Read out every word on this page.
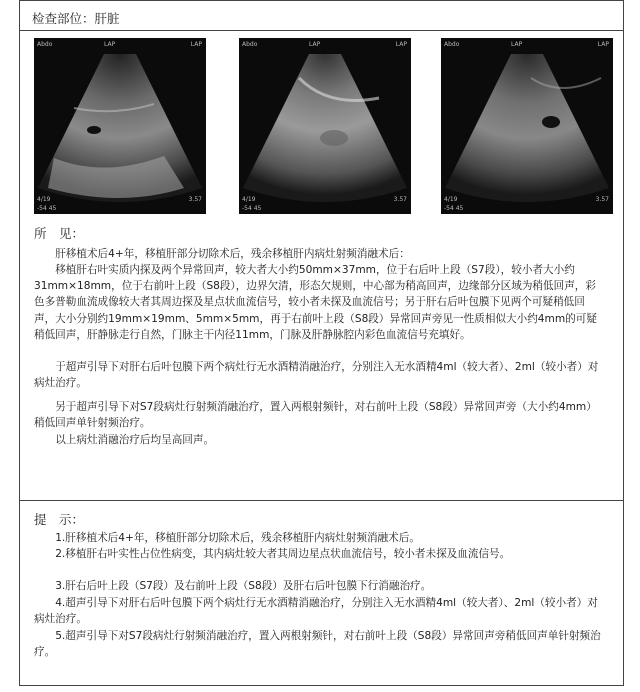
检查部位：肝脏
Abdo	LAP	LAP
4/19
-54 45
3.57
Abdo	LAP	LAP
4/19
-54 45
3.57
Abdo	LAP	LAP
4/19
-54 45
3.57
所　见：

肝移植术后4+年，移植肝部分切除术后，残余移植肝内病灶射频消融术后：

移植肝右叶实质内探及两个异常回声，较大者大小约50mm×37mm，位于右后叶上段（S7段），较小者大小约31mm×18mm，位于右前叶上段（S8段），边界欠清，形态欠规则，中心部为稍高回声，边缘部分区域为稍低回声，彩色多普勒血流成像较大者其周边探及星点状血流信号，较小者未探及血流信号；另于肝右后叶包膜下见两个可疑稍低回声，大小分别约19mm×19mm、5mm×5mm，再于右前叶上段（S8段）异常回声旁见一性质相似大小约4mm的可疑稍低回声，肝静脉走行自然，门脉主干内径11mm，门脉及肝静脉腔内彩色血流信号充填好。

于超声引导下对肝右后叶包膜下两个病灶行无水酒精消融治疗，分别注入无水酒精4ml（较大者）、2ml（较小者）对病灶治疗。

另于超声引导下对S7段病灶行射频消融治疗，置入两根射频针，对右前叶上段（S8段）异常回声旁（大小约4mm）稍低回声单针射频治疗。

以上病灶消融治疗后均呈高回声。

提　示：

1.肝移植术后4+年，移植肝部分切除术后，残余移植肝内病灶射频消融术后。

2.移植肝右叶实性占位性病变，其内病灶较大者其周边星点状血流信号，较小者未探及血流信号。

3.肝右后叶上段（S7段）及右前叶上段（S8段）及肝右后叶包膜下行消融治疗。

4.超声引导下对肝右后叶包膜下两个病灶行无水酒精消融治疗，分别注入无水酒精4ml（较大者）、2ml（较小者）对病灶治疗。

5.超声引导下对S7段病灶行射频消融治疗，置入两根射频针，对右前叶上段（S8段）异常回声旁稍低回声单针射频治疗。
